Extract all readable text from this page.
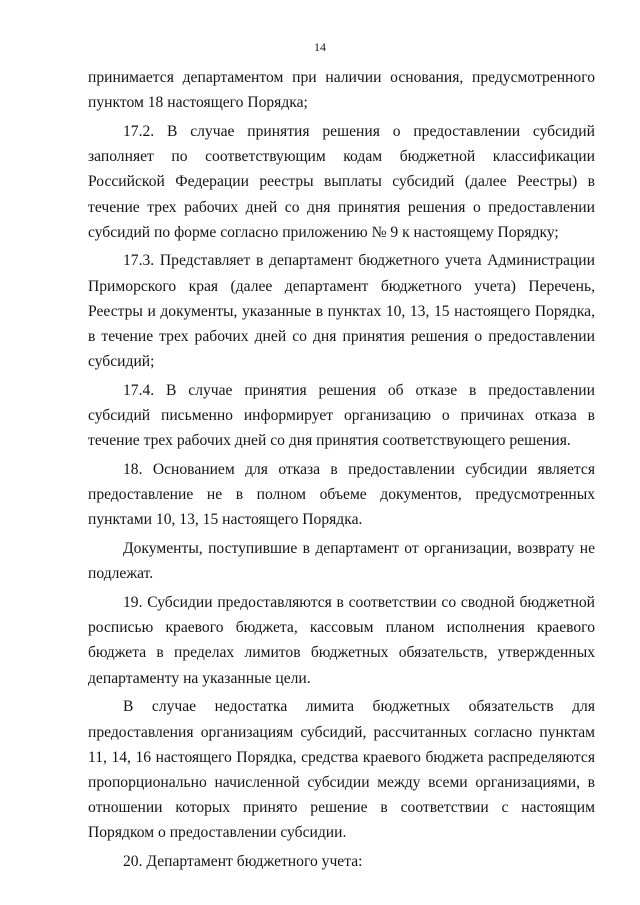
14

принимается департаментом при наличии основания, предусмотренного пунктом 18 настоящего Порядка;

17.2. В случае принятия решения о предоставлении субсидий заполняет по соответствующим кодам бюджетной классификации Российской Федерации реестры выплаты субсидий (далее Реестры) в течение трех рабочих дней со дня принятия решения о предоставлении субсидий по форме согласно приложению № 9 к настоящему Порядку;

17.3. Представляет в департамент бюджетного учета Администрации Приморского края (далее департамент бюджетного учета) Перечень, Реестры и документы, указанные в пунктах 10, 13, 15 настоящего Порядка, в течение трех рабочих дней со дня принятия решения о предоставлении субсидий;

17.4. В случае принятия решения об отказе в предоставлении субсидий письменно информирует организацию о причинах отказа в течение трех рабочих дней со дня принятия соответствующего решения.

18. Основанием для отказа в предоставлении субсидии является предоставление не в полном объеме документов, предусмотренных пунктами 10, 13, 15 настоящего Порядка.

Документы, поступившие в департамент от организации, возврату не подлежат.

19. Субсидии предоставляются в соответствии со сводной бюджетной росписью краевого бюджета, кассовым планом исполнения краевого бюджета в пределах лимитов бюджетных обязательств, утвержденных департаменту на указанные цели.

В случае недостатка лимита бюджетных обязательств для предоставления организациям субсидий, рассчитанных согласно пунктам 11, 14, 16 настоящего Порядка, средства краевого бюджета распределяются пропорционально начисленной субсидии между всеми организациями, в отношении которых принято решение в соответствии с настоящим Порядком о предоставлении субсидии.

20. Департамент бюджетного учета:
